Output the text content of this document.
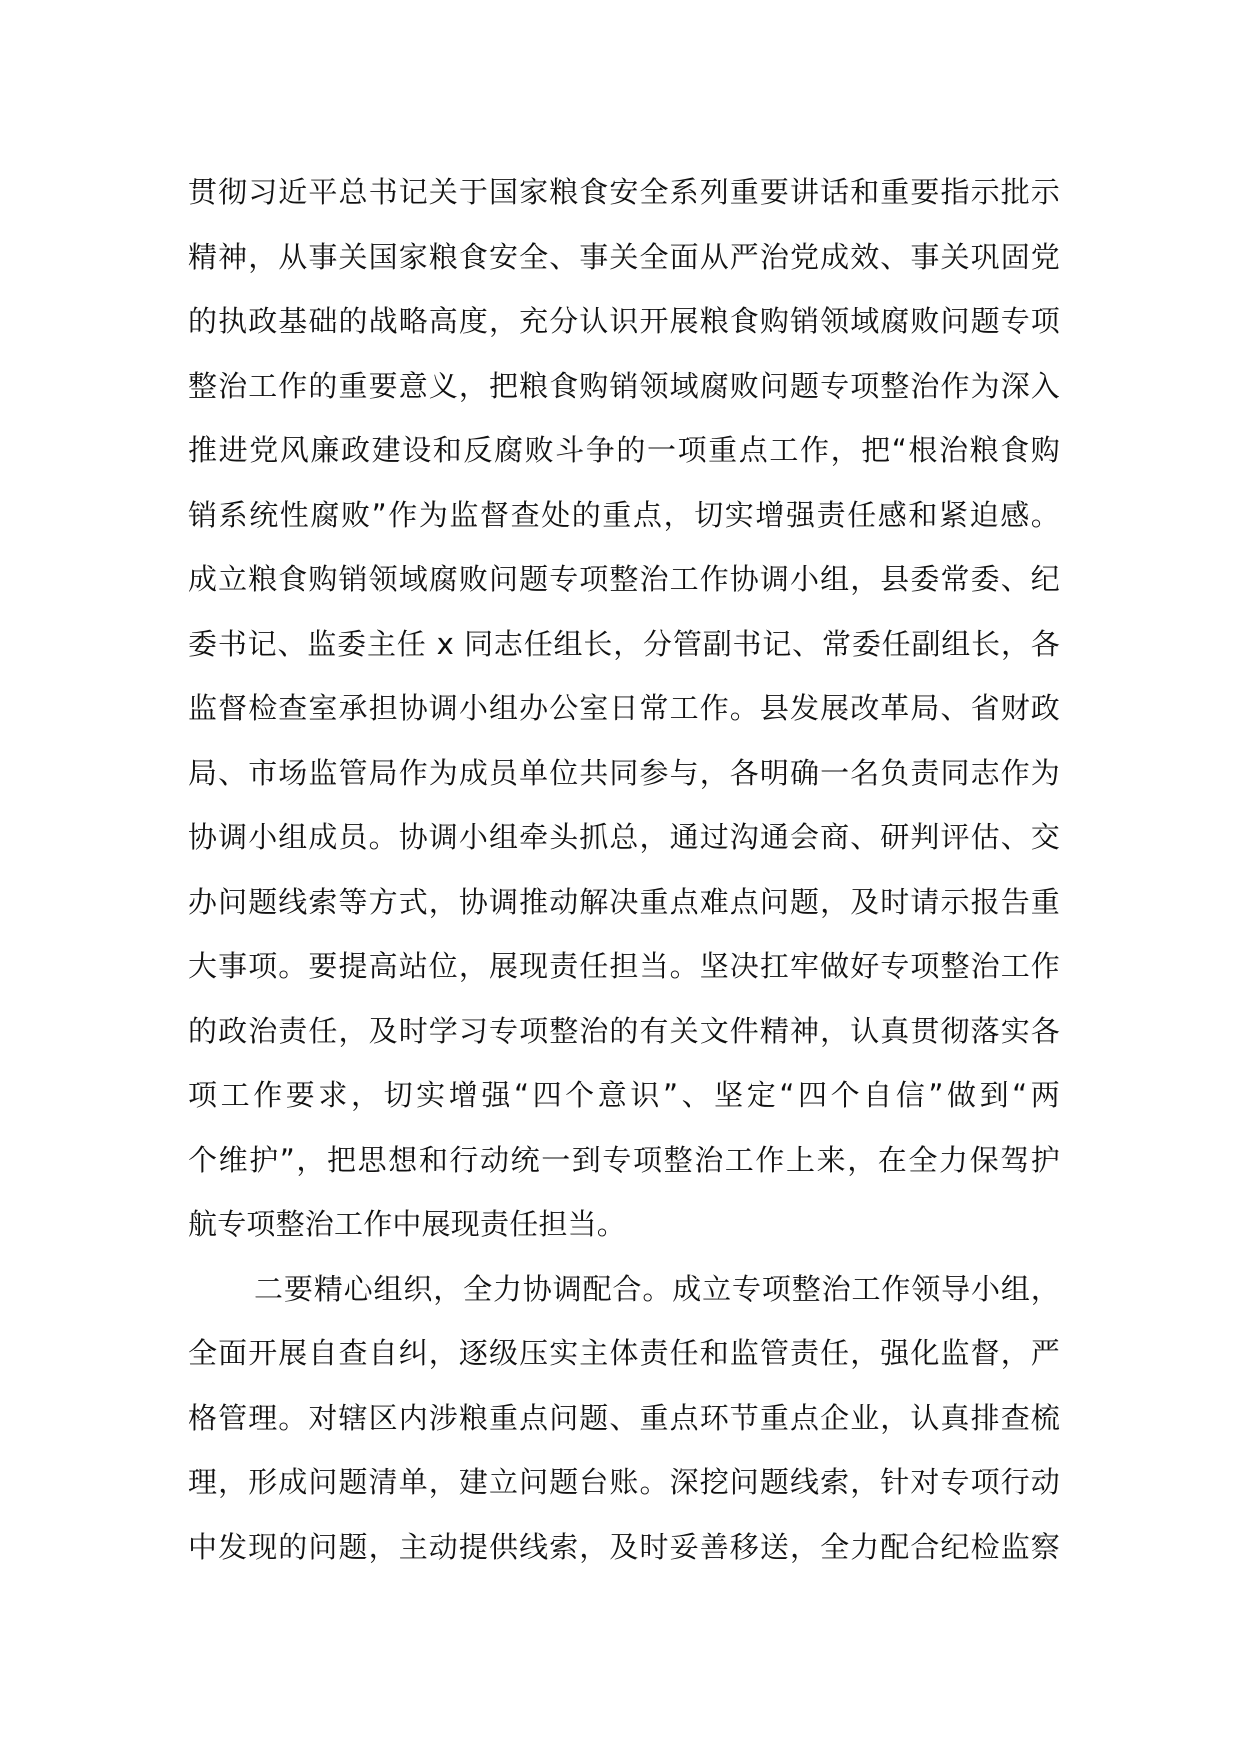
贯彻习近平总书记关于国家粮食安全系列重要讲话和重要指示批示
精神，从事关国家粮食安全、事关全面从严治党成效、事关巩固党
的执政基础的战略高度，充分认识开展粮食购销领域腐败问题专项
整治工作的重要意义，把粮食购销领域腐败问题专项整治作为深入
推进党风廉政建设和反腐败斗争的一项重点工作，把“根治粮食购
销系统性腐败”作为监督查处的重点，切实增强责任感和紧迫感。
成立粮食购销领域腐败问题专项整治工作协调小组，县委常委、纪
委书记、监委主任 x 同志任组长，分管副书记、常委任副组长，各
监督检查室承担协调小组办公室日常工作。县发展改革局、省财政
局、市场监管局作为成员单位共同参与，各明确一名负责同志作为
协调小组成员。协调小组牵头抓总，通过沟通会商、研判评估、交
办问题线索等方式，协调推动解决重点难点问题，及时请示报告重
大事项。要提高站位，展现责任担当。坚决扛牢做好专项整治工作
的政治责任，及时学习专项整治的有关文件精神，认真贯彻落实各
项工作要求，切实增强“四个意识”、坚定“四个自信”做到“两
个维护”，把思想和行动统一到专项整治工作上来，在全力保驾护
航专项整治工作中展现责任担当。
二要精心组织，全力协调配合。成立专项整治工作领导小组，
全面开展自查自纠，逐级压实主体责任和监管责任，强化监督，严
格管理。对辖区内涉粮重点问题、重点环节重点企业，认真排查梳
理，形成问题清单，建立问题台账。深挖问题线索，针对专项行动
中发现的问题，主动提供线索，及时妥善移送，全力配合纪检监察
